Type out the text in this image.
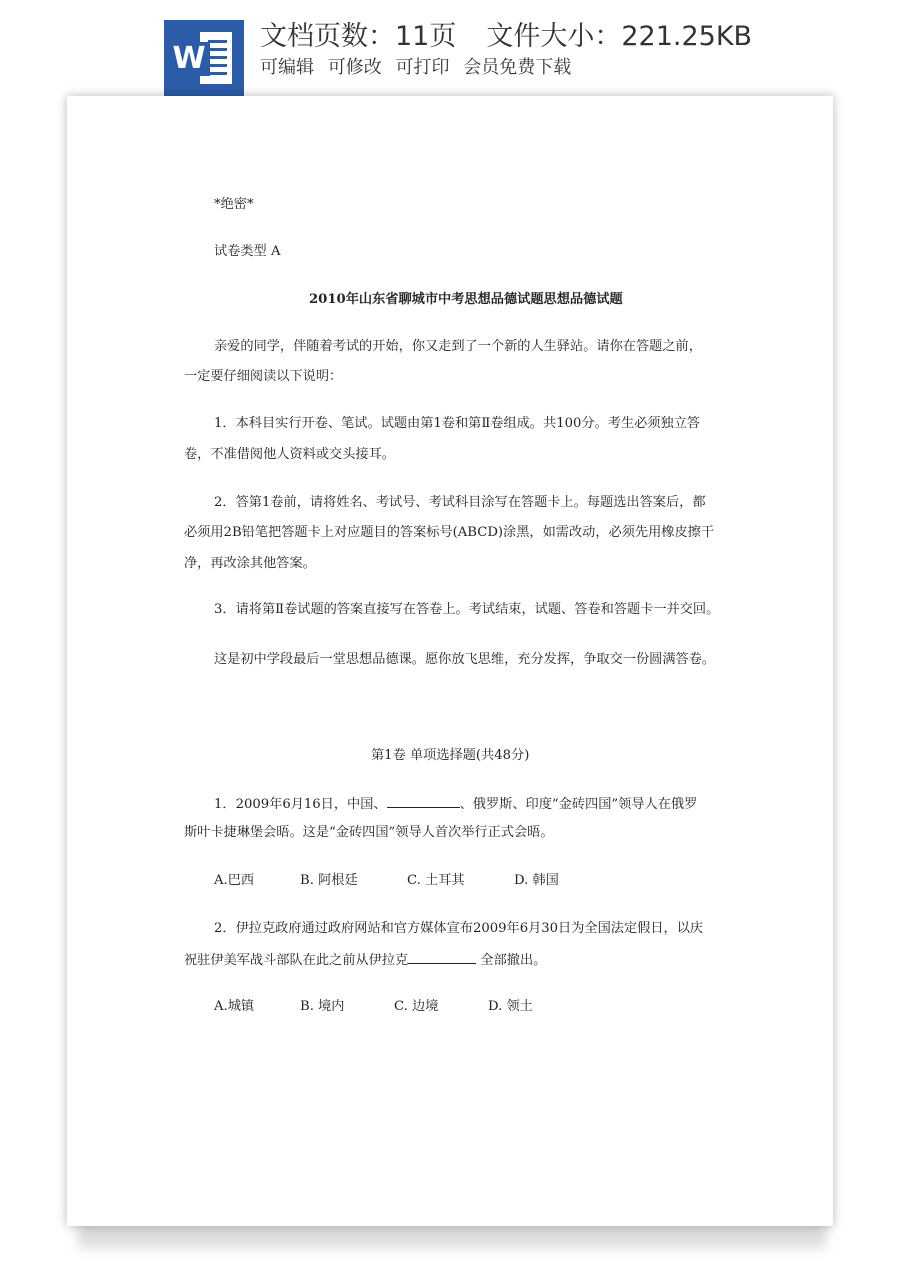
W
文档页数：11页 文件大小：221.25KB
可编辑 可修改 可打印 会员免费下载
*绝密*
试卷类型 A
2010年山东省聊城市中考思想品德试题思想品德试题
亲爱的同学，伴随着考试的开始，你又走到了一个新的人生驿站。请你在答题之前，
一定要仔细阅读以下说明：
1．本科目实行开卷、笔试。试题由第1卷和第Ⅱ卷组成。共100分。考生必须独立答
卷，不准借阅他人资料或交头接耳。
2．答第1卷前，请将姓名、考试号、考试科目涂写在答题卡上。每题选出答案后，都
必须用2B铅笔把答题卡上对应题目的答案标号(ABCD)涂黑，如需改动，必须先用橡皮擦干
净，再改涂其他答案。
3．请将第Ⅱ卷试题的答案直接写在答卷上。考试结束，试题、答卷和答题卡一并交回。
这是初中学段最后一堂思想品德课。愿你放飞思维，充分发挥，争取交一份圆满答卷。
第1卷 单项选择题(共48分)
1．2009年6月16日，中国、	、俄罗斯、印度“金砖四国”领导人在俄罗
斯叶卡捷琳堡会晤。这是“金砖四国”领导人首次举行正式会晤。
A.巴西	B. 阿根廷	C. 土耳其	D. 韩国
2．伊拉克政府通过政府网站和官方媒体宣布2009年6月30日为全国法定假日，以庆
祝驻伊美军战斗部队在此之前从伊拉克	全部撤出。
A.城镇	B. 境内	C. 边境	D. 领土
